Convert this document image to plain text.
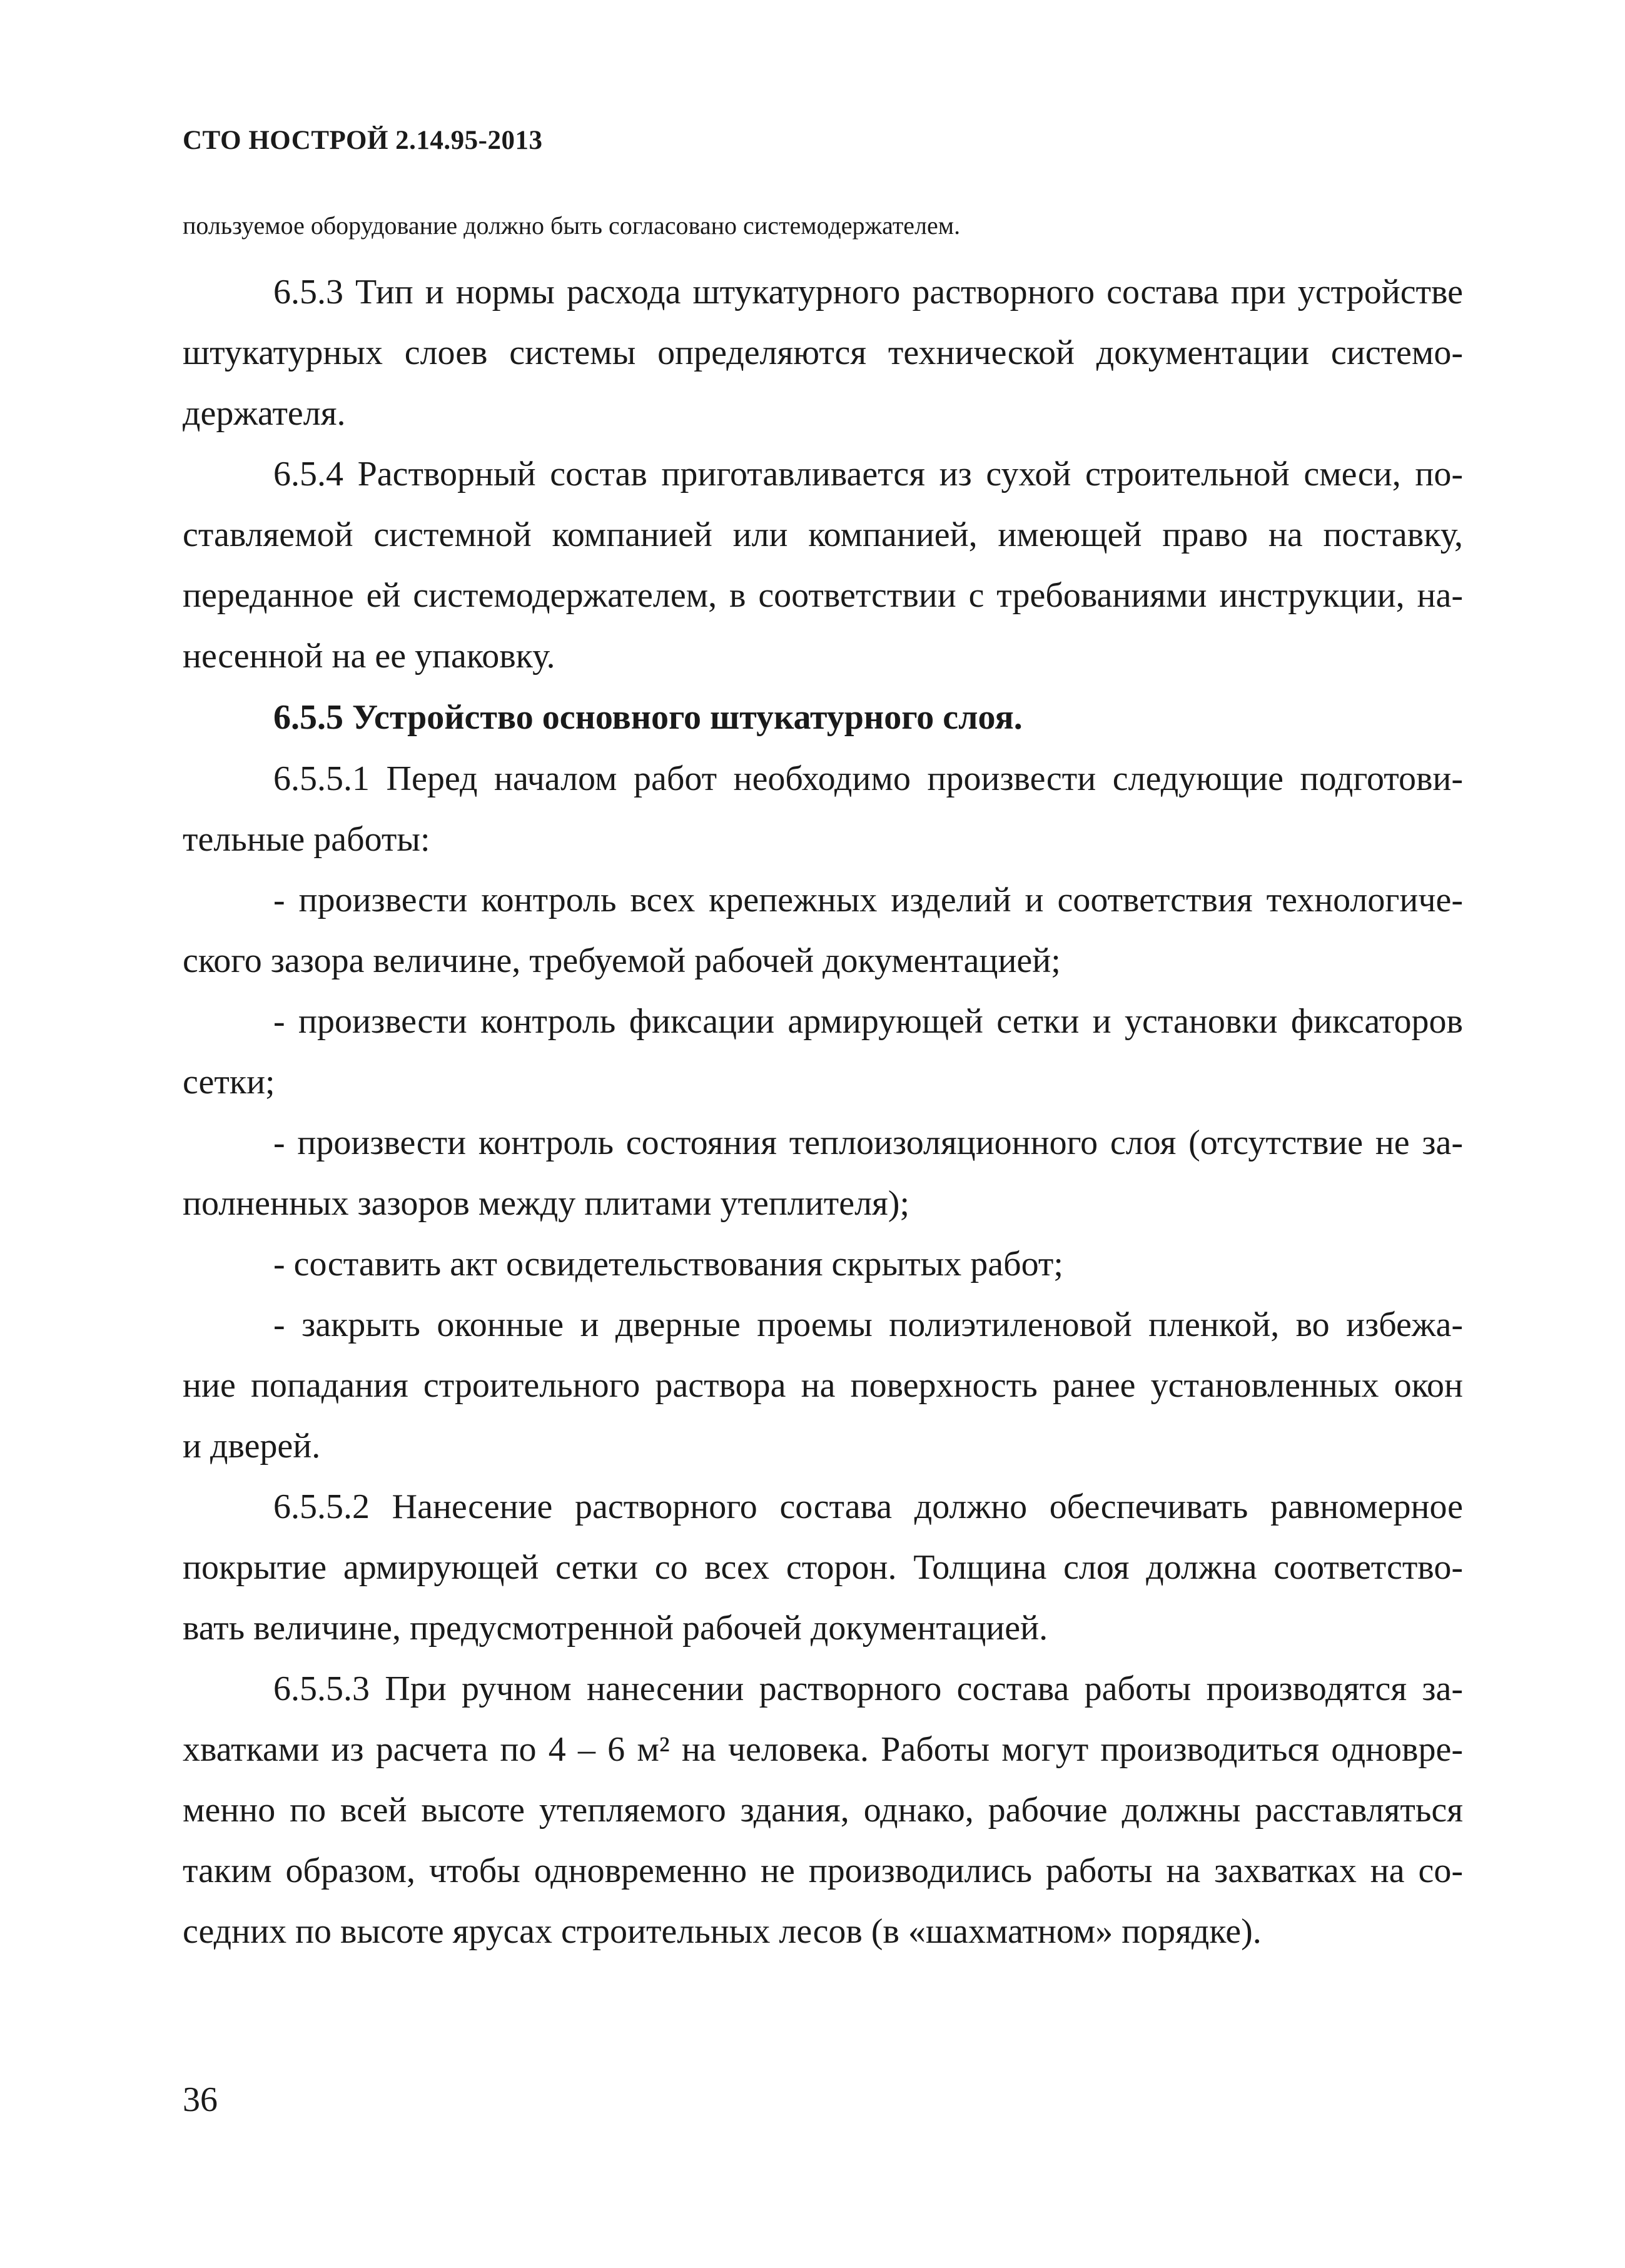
СТО НОСТРОЙ 2.14.95-2013
пользуемое оборудование должно быть согласовано системодержателем.
6.5.3 Тип и нормы расхода штукатурного растворного состава при устройстве
штукатурных слоев системы определяются технической документации системо-
держателя.
6.5.4 Растворный состав приготавливается из сухой строительной смеси, по-
ставляемой системной компанией или компанией, имеющей право на поставку,
переданное ей системодержателем, в соответствии с требованиями инструкции, на-
несенной на ее упаковку.
6.5.5 Устройство основного штукатурного слоя.
6.5.5.1 Перед началом работ необходимо произвести следующие подготови-
тельные работы:
- произвести контроль всех крепежных изделий и соответствия технологиче-
ского зазора величине, требуемой рабочей документацией;
- произвести контроль фиксации армирующей сетки и установки фиксаторов
сетки;
- произвести контроль состояния теплоизоляционного слоя (отсутствие не за-
полненных зазоров между плитами утеплителя);
- составить акт освидетельствования скрытых работ;
- закрыть оконные и дверные проемы полиэтиленовой пленкой, во избежа-
ние попадания строительного раствора на поверхность ранее установленных окон
и дверей.
6.5.5.2 Нанесение растворного состава должно обеспечивать равномерное
покрытие армирующей сетки со всех сторон. Толщина слоя должна соответство-
вать величине, предусмотренной рабочей документацией.
6.5.5.3 При ручном нанесении растворного состава работы производятся за-
хватками из расчета по 4 – 6 м² на человека. Работы могут производиться одновре-
менно по всей высоте утепляемого здания, однако, рабочие должны расставляться
таким образом, чтобы одновременно не производились работы на захватках на со-
седних по высоте ярусах строительных лесов (в «шахматном» порядке).
36
